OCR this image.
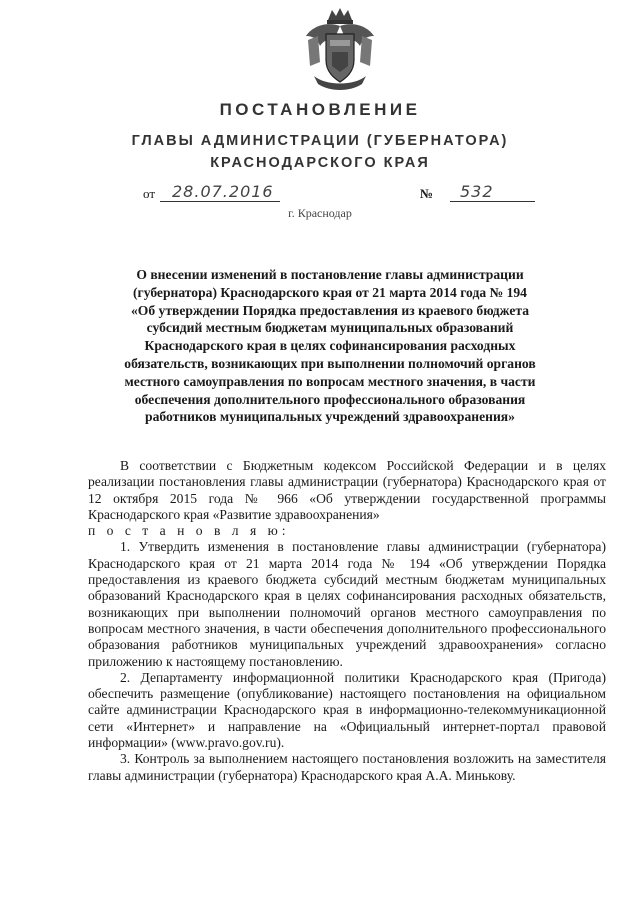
ПОСТАНОВЛЕНИЕ
ГЛАВЫ АДМИНИСТРАЦИИ (ГУБЕРНАТОРА)
КРАСНОДАРСКОГО КРАЯ
от 28.07.2016	№ 532
г. Краснодар
О внесении изменений в постановление главы администрации (губернатора) Краснодарского края от 21 марта 2014 года № 194 «Об утверждении Порядка предоставления из краевого бюджета субсидий местным бюджетам муниципальных образований Краснодарского края в целях софинансирования расходных обязательств, возникающих при выполнении полномочий органов местного самоуправления по вопросам местного значения, в части обеспечения дополнительного профессионального образования работников муниципальных учреждений здравоохранения»

В соответствии с Бюджетным кодексом Российской Федерации и в целях реализации постановления главы администрации (губернатора) Краснодарского края от 12 октября 2015 года № 966 «Об утверждении государственной программы Краснодарского края «Развитие здравоохранения»

п о с т а н о в л я ю:

1. Утвердить изменения в постановление главы администрации (губернатора) Краснодарского края от 21 марта 2014 года № 194 «Об утверждении Порядка предоставления из краевого бюджета субсидий местным бюджетам муниципальных образований Краснодарского края в целях софинансирования расходных обязательств, возникающих при выполнении полномочий органов местного самоуправления по вопросам местного значения, в части обеспечения дополнительного профессионального образования работников муниципальных учреждений здравоохранения» согласно приложению к настоящему постановлению.

2. Департаменту информационной политики Краснодарского края (Пригода) обеспечить размещение (опубликование) настоящего постановления на официальном сайте администрации Краснодарского края в информационно-телекоммуникационной сети «Интернет» и направление на «Официальный интернет-портал правовой информации» (www.pravo.gov.ru).

3. Контроль за выполнением настоящего постановления возложить на заместителя главы администрации (губернатора) Краснодарского края А.А. Минькову.
